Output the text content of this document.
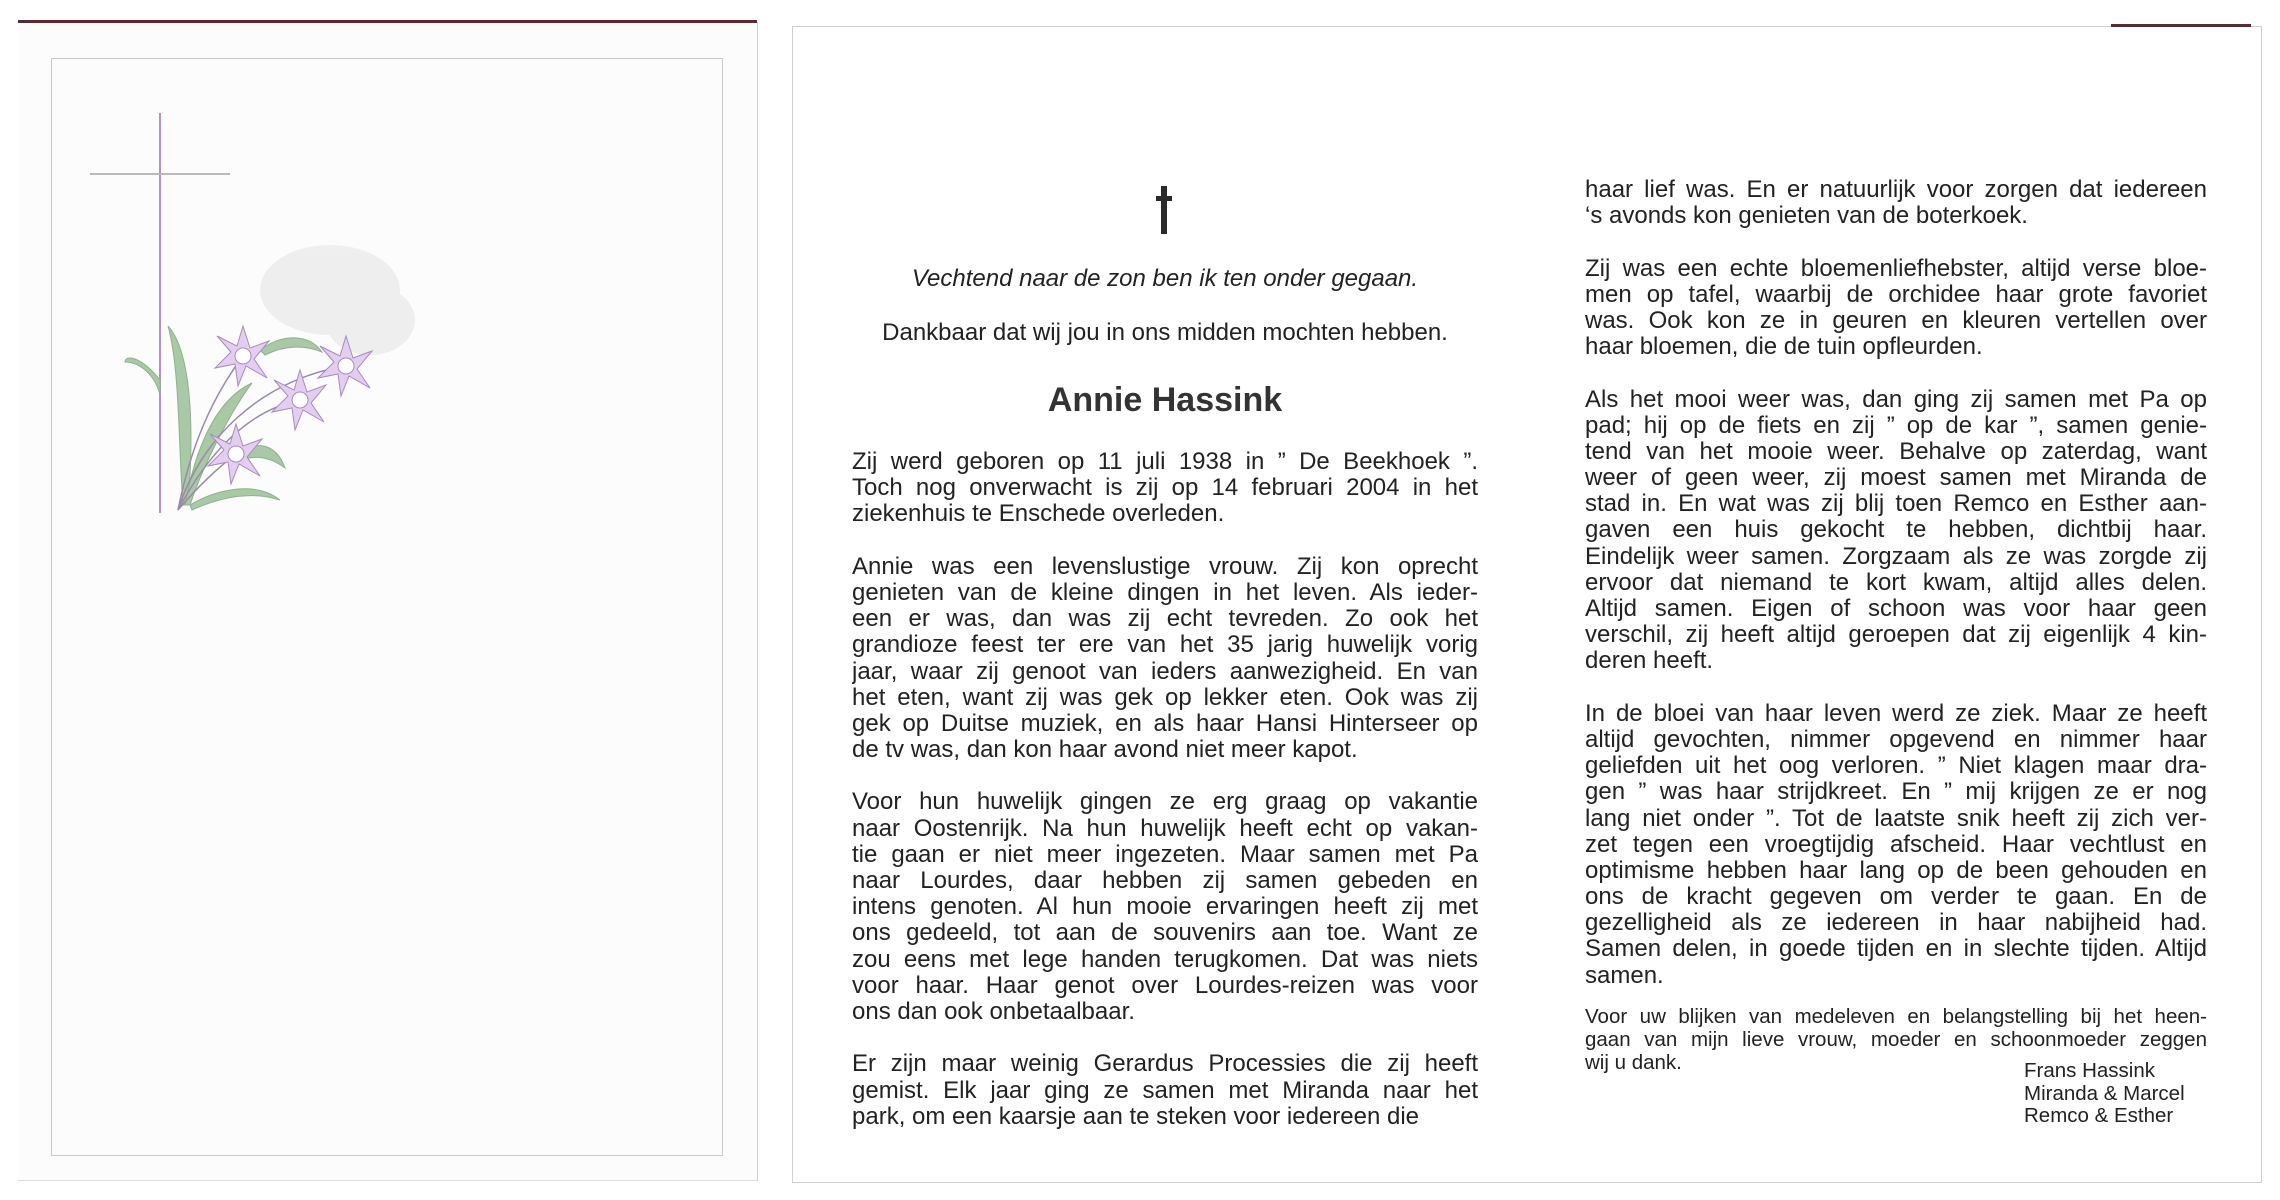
Vechtend naar de zon ben ik ten onder gegaan.
Dankbaar dat wij jou in ons midden mochten hebben.
Annie Hassink
Zij werd geboren op 11 juli 1938 in ” De Beekhoek ”.
Toch nog onverwacht is zij op 14 februari 2004 in het
ziekenhuis te Enschede overleden.
Annie was een levenslustige vrouw. Zij kon oprecht
genieten van de kleine dingen in het leven. Als ieder-
een er was, dan was zij echt tevreden. Zo ook het
grandioze feest ter ere van het 35 jarig huwelijk vorig
jaar, waar zij genoot van ieders aanwezigheid. En van
het eten, want zij was gek op lekker eten. Ook was zij
gek op Duitse muziek, en als haar Hansi Hinterseer op
de tv was, dan kon haar avond niet meer kapot.
Voor hun huwelijk gingen ze erg graag op vakantie
naar Oostenrijk. Na hun huwelijk heeft echt op vakan-
tie gaan er niet meer ingezeten. Maar samen met Pa
naar Lourdes, daar hebben zij samen gebeden en
intens genoten. Al hun mooie ervaringen heeft zij met
ons gedeeld, tot aan de souvenirs aan toe. Want ze
zou eens met lege handen terugkomen. Dat was niets
voor haar. Haar genot over Lourdes-reizen was voor
ons dan ook onbetaalbaar.
Er zijn maar weinig Gerardus Processies die zij heeft
gemist. Elk jaar ging ze samen met Miranda naar het
park, om een kaarsje aan te steken voor iedereen die
haar lief was. En er natuurlijk voor zorgen dat iedereen
‘s avonds kon genieten van de boterkoek.
Zij was een echte bloemenliefhebster, altijd verse bloe-
men op tafel, waarbij de orchidee haar grote favoriet
was. Ook kon ze in geuren en kleuren vertellen over
haar bloemen, die de tuin opfleurden.
Als het mooi weer was, dan ging zij samen met Pa op
pad; hij op de fiets en zij ” op de kar ”, samen genie-
tend van het mooie weer. Behalve op zaterdag, want
weer of geen weer, zij moest samen met Miranda de
stad in. En wat was zij blij toen Remco en Esther aan-
gaven een huis gekocht te hebben, dichtbij haar.
Eindelijk weer samen. Zorgzaam als ze was zorgde zij
ervoor dat niemand te kort kwam, altijd alles delen.
Altijd samen. Eigen of schoon was voor haar geen
verschil, zij heeft altijd geroepen dat zij eigenlijk 4 kin-
deren heeft.
In de bloei van haar leven werd ze ziek. Maar ze heeft
altijd gevochten, nimmer opgevend en nimmer haar
geliefden uit het oog verloren. ” Niet klagen maar dra-
gen ” was haar strijdkreet. En ” mij krijgen ze er nog
lang niet onder ”. Tot de laatste snik heeft zij zich ver-
zet tegen een vroegtijdig afscheid. Haar vechtlust en
optimisme hebben haar lang op de been gehouden en
ons de kracht gegeven om verder te gaan. En de
gezelligheid als ze iedereen in haar nabijheid had.
Samen delen, in goede tijden en in slechte tijden. Altijd
samen.
Voor uw blijken van medeleven en belangstelling bij het heen-
gaan van mijn lieve vrouw, moeder en schoonmoeder zeggen
wij u dank.	Frans Hassink
Miranda & Marcel
Remco & Esther
